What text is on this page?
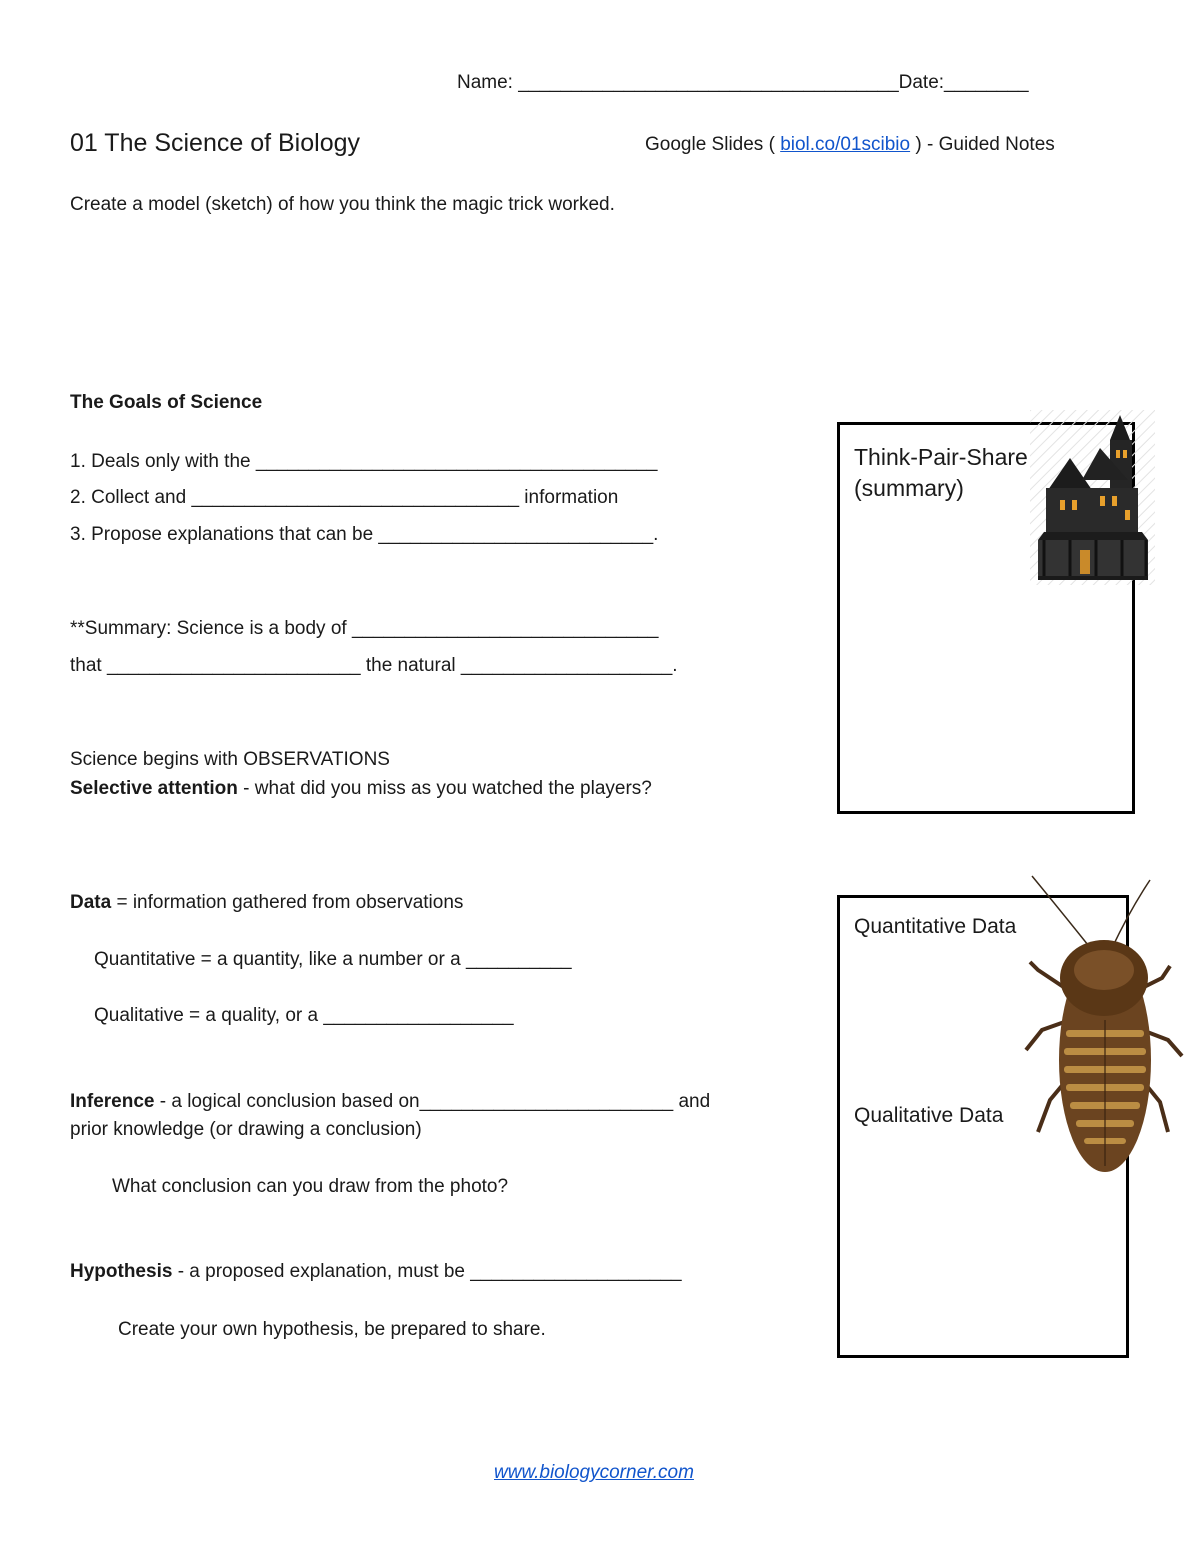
Name: ____________________________________Date:________
01 The Science of Biology	Google Slides ( biol.co/01scibio ) - Guided Notes
Create a model (sketch) of how you think the magic trick worked.
The Goals of Science
1. Deals only with the ______________________________________
2. Collect and _______________________________ information
3. Propose explanations that can be __________________________.
**Summary: Science is a body of _____________________________
that ________________________ the natural ____________________.
Science begins with OBSERVATIONS
Selective attention - what did you miss as you watched the players?
Data = information gathered from observations
Quantitative = a quantity, like a number or a __________
Qualitative = a quality, or a __________________
Inference - a logical conclusion based on________________________ and
prior knowledge (or drawing a conclusion)
What conclusion can you draw from the photo?
Hypothesis - a proposed explanation, must be ____________________
Create your own hypothesis, be prepared to share.
Think-Pair-Share (summary)
Quantitative Data
Qualitative Data
www.biologycorner.com
